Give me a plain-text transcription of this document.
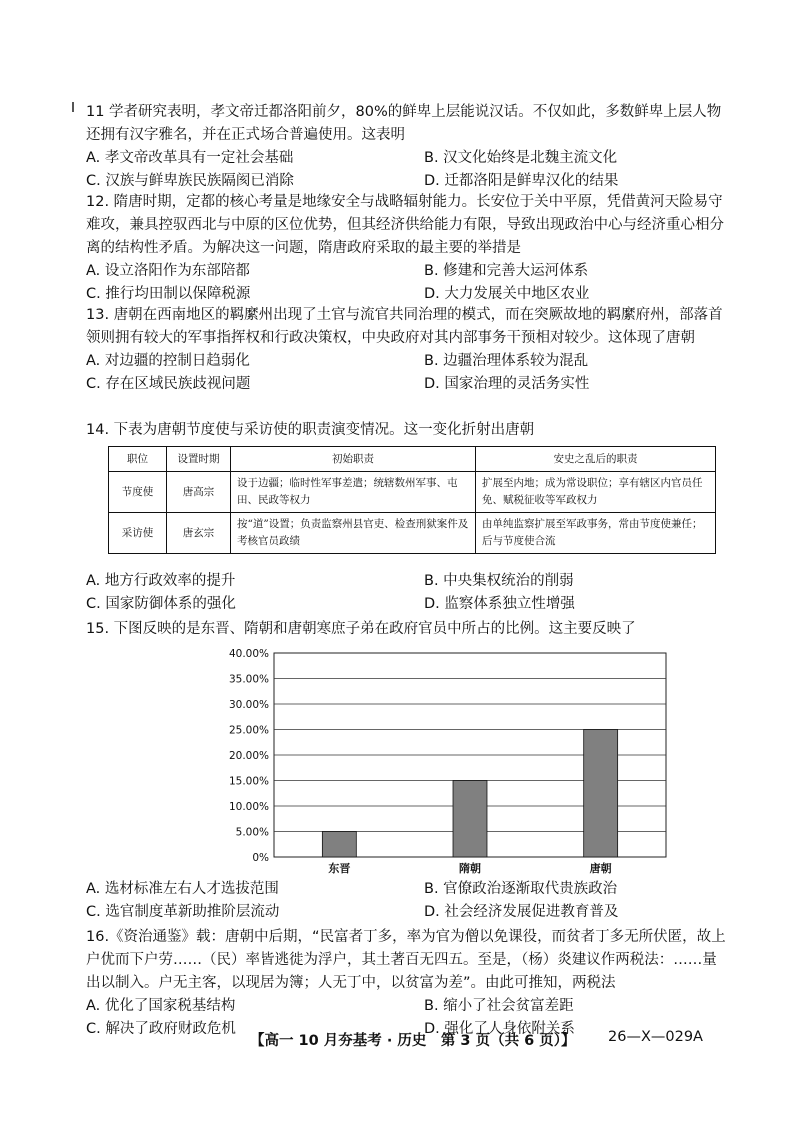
11 学者研究表明，孝文帝迁都洛阳前夕，80%的鲜卑上层能说汉话。不仅如此，多数鲜卑上层人物还拥有汉字雅名，并在正式场合普遍使用。这表明

A. 孝文帝改革具有一定社会基础	B. 汉文化始终是北魏主流文化
C. 汉族与鲜卑族民族隔阂已消除	D. 迁都洛阳是鲜卑汉化的结果

12. 隋唐时期，定都的核心考量是地缘安全与战略辐射能力。长安位于关中平原，凭借黄河天险易守难攻，兼具控驭西北与中原的区位优势，但其经济供给能力有限，导致出现政治中心与经济重心相分离的结构性矛盾。为解决这一问题，隋唐政府采取的最主要的举措是

A. 设立洛阳作为东部陪都	B. 修建和完善大运河体系
C. 推行均田制以保障税源	D. 大力发展关中地区农业

13. 唐朝在西南地区的羁縻州出现了土官与流官共同治理的模式，而在突厥故地的羁縻府州，部落首领则拥有较大的军事指挥权和行政决策权，中央政府对其内部事务干预相对较少。这体现了唐朝

A. 对边疆的控制日趋弱化	B. 边疆治理体系较为混乱
C. 存在区域民族歧视问题	D. 国家治理的灵活务实性

14. 下表为唐朝节度使与采访使的职责演变情况。这一变化折射出唐朝

职位	设置时期	初始职责	安史之乱后的职责
节度使	唐高宗	设于边疆；临时性军事差遣；统辖数州军事、屯田、民政等权力	扩展至内地；成为常设职位；享有辖区内官员任免、赋税征收等军政权力
采访使	唐玄宗	按“道”设置；负责监察州县官吏、检查刑狱案件及考核官员政绩	由单纯监察扩展至军政事务，常由节度使兼任；后与节度使合流
A. 地方行政效率的提升	B. 中央集权统治的削弱
C. 国家防御体系的强化	D. 监察体系独立性增强

15. 下图反映的是东晋、隋朝和唐朝寒庶子弟在政府官员中所占的比例。这主要反映了

0%
5.00%
10.00%
15.00%
20.00%
25.00%
30.00%
35.00%
40.00%
东晋	隋朝	唐朝
A. 选材标准左右人才选拔范围	B. 官僚政治逐渐取代贵族政治
C. 选官制度革新助推阶层流动	D. 社会经济发展促进教育普及

16.《资治通鉴》载：唐朝中后期，“民富者丁多，率为官为僧以免课役，而贫者丁多无所伏匿，故上户优而下户劳……（民）率皆逃徙为浮户，其土著百无四五。至是，（杨）炎建议作两税法：……量出以制入。户无主客，以现居为簿；人无丁中，以贫富为差”。由此可推知，两税法

A. 优化了国家税基结构	B. 缩小了社会贫富差距
C. 解决了政府财政危机	D. 强化了人身依附关系
【高一 10 月夯基考 · 历史　第 3 页（共 6 页）】 26—X—029A
